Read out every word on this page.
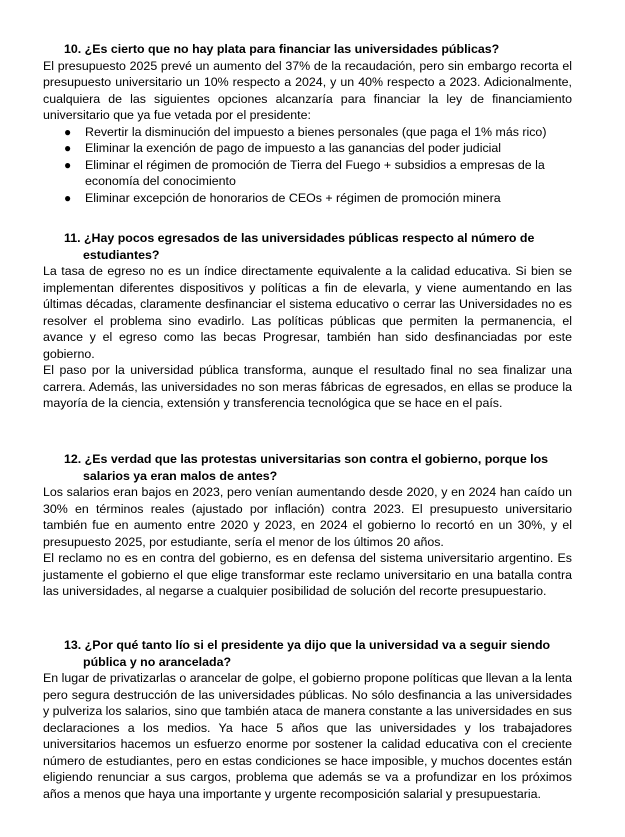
10. ¿Es cierto que no hay plata para financiar las universidades públicas?

El presupuesto 2025 prevé un aumento del 37% de la recaudación, pero sin embargo recorta el presupuesto universitario un 10% respecto a 2024, y un 40% respecto a 2023. Adicionalmente, cualquiera de las siguientes opciones alcanzaría para financiar la ley de financiamiento universitario que ya fue vetada por el presidente:

● Revertir la disminución del impuesto a bienes personales (que paga el 1% más rico)
● Eliminar la exención de pago de impuesto a las ganancias del poder judicial
● Eliminar el régimen de promoción de Tierra del Fuego + subsidios a empresas de la economía del conocimiento
● Eliminar excepción de honorarios de CEOs + régimen de promoción minera

11. ¿Hay pocos egresados de las universidades públicas respecto al número de estudiantes?

La tasa de egreso no es un índice directamente equivalente a la calidad educativa. Si bien se implementan diferentes dispositivos y políticas a fin de elevarla, y viene aumentando en las últimas décadas, claramente desfinanciar el sistema educativo o cerrar las Universidades no es resolver el problema sino evadirlo. Las políticas públicas que permiten la permanencia, el avance y el egreso como las becas Progresar, también han sido desfinanciadas por este gobierno.

El paso por la universidad pública transforma, aunque el resultado final no sea finalizar una carrera. Además, las universidades no son meras fábricas de egresados, en ellas se produce la mayoría de la ciencia, extensión y transferencia tecnológica que se hace en el país.

12. ¿Es verdad que las protestas universitarias son contra el gobierno, porque los salarios ya eran malos de antes?

Los salarios eran bajos en 2023, pero venían aumentando desde 2020, y en 2024 han caído un 30% en términos reales (ajustado por inflación) contra 2023. El presupuesto universitario también fue en aumento entre 2020 y 2023, en 2024 el gobierno lo recortó en un 30%, y el presupuesto 2025, por estudiante, sería el menor de los últimos 20 años.

El reclamo no es en contra del gobierno, es en defensa del sistema universitario argentino. Es justamente el gobierno el que elige transformar este reclamo universitario en una batalla contra las universidades, al negarse a cualquier posibilidad de solución del recorte presupuestario.

13. ¿Por qué tanto lío si el presidente ya dijo que la universidad va a seguir siendo pública y no arancelada?

En lugar de privatizarlas o arancelar de golpe, el gobierno propone políticas que llevan a la lenta pero segura destrucción de las universidades públicas. No sólo desfinancia a las universidades y pulveriza los salarios, sino que también ataca de manera constante a las universidades en sus declaraciones a los medios. Ya hace 5 años que las universidades y los trabajadores universitarios hacemos un esfuerzo enorme por sostener la calidad educativa con el creciente número de estudiantes, pero en estas condiciones se hace imposible, y muchos docentes están eligiendo renunciar a sus cargos, problema que además se va a profundizar en los próximos años a menos que haya una importante y urgente recomposición salarial y presupuestaria.
